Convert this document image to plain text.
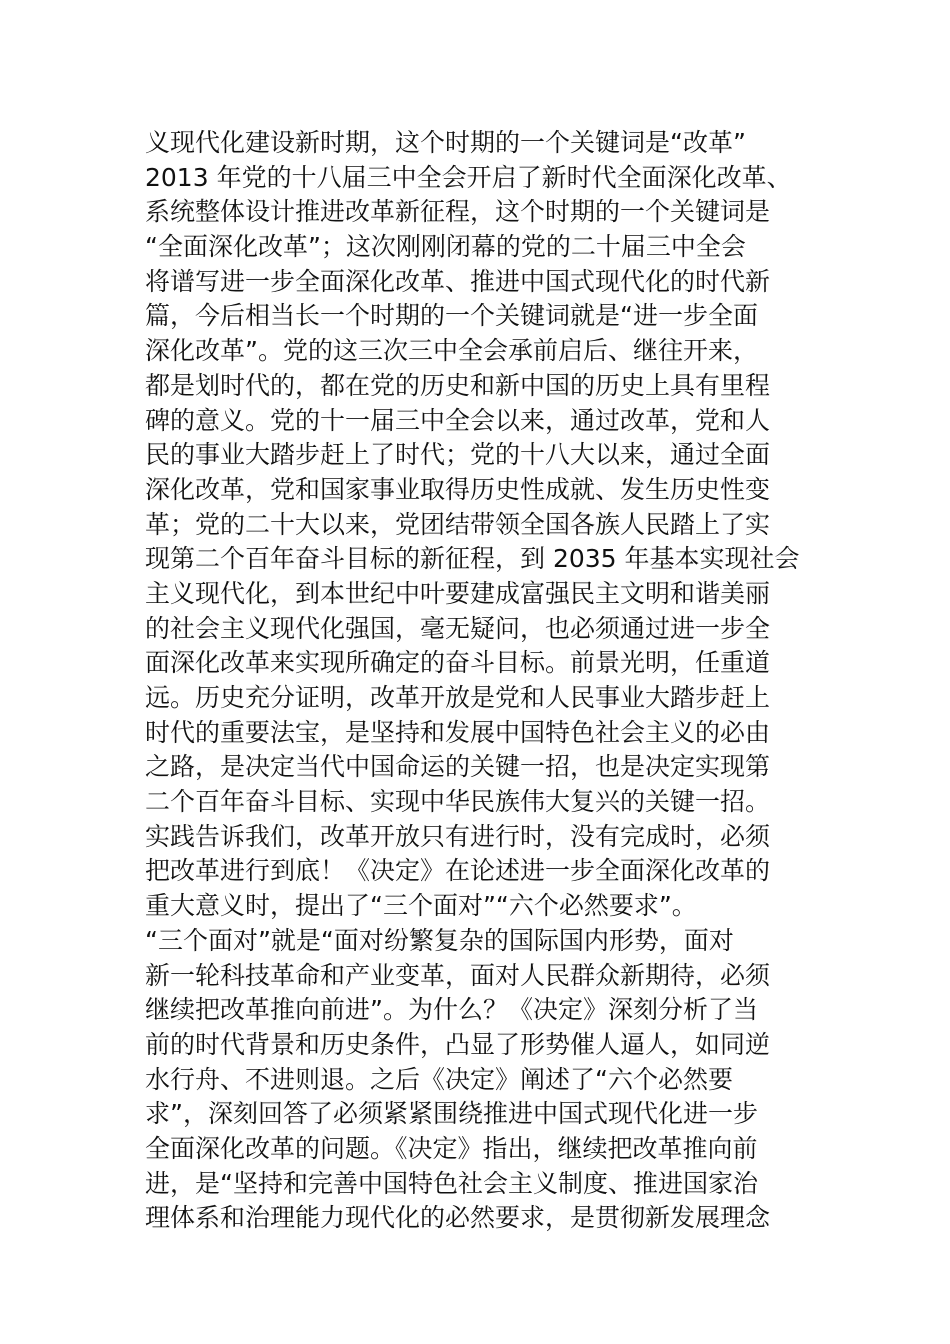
义现代化建设新时期，这个时期的一个关键词是“改革”
2013 年党的十八届三中全会开启了新时代全面深化改革、
系统整体设计推进改革新征程，这个时期的一个关键词是
“全面深化改革”；这次刚刚闭幕的党的二十届三中全会
将谱写进一步全面深化改革、推进中国式现代化的时代新
篇，今后相当长一个时期的一个关键词就是“进一步全面
深化改革”。党的这三次三中全会承前启后、继往开来，
都是划时代的，都在党的历史和新中国的历史上具有里程
碑的意义。党的十一届三中全会以来，通过改革，党和人
民的事业大踏步赶上了时代；党的十八大以来，通过全面
深化改革，党和国家事业取得历史性成就、发生历史性变
革；党的二十大以来，党团结带领全国各族人民踏上了实
现第二个百年奋斗目标的新征程，到 2035 年基本实现社会
主义现代化，到本世纪中叶要建成富强民主文明和谐美丽
的社会主义现代化强国，毫无疑问，也必须通过进一步全
面深化改革来实现所确定的奋斗目标。前景光明，任重道
远。历史充分证明，改革开放是党和人民事业大踏步赶上
时代的重要法宝，是坚持和发展中国特色社会主义的必由
之路，是决定当代中国命运的关键一招，也是决定实现第
二个百年奋斗目标、实现中华民族伟大复兴的关键一招。
实践告诉我们，改革开放只有进行时，没有完成时，必须
把改革进行到底！《决定》在论述进一步全面深化改革的
重大意义时，提出了“三个面对”“六个必然要求”。
“三个面对”就是“面对纷繁复杂的国际国内形势，面对
新一轮科技革命和产业变革，面对人民群众新期待，必须
继续把改革推向前进”。为什么？《决定》深刻分析了当
前的时代背景和历史条件，凸显了形势催人逼人，如同逆
水行舟、不进则退。之后《决定》阐述了“六个必然要
求”，深刻回答了必须紧紧围绕推进中国式现代化进一步
全面深化改革的问题。《决定》指出，继续把改革推向前
进，是“坚持和完善中国特色社会主义制度、推进国家治
理体系和治理能力现代化的必然要求，是贯彻新发展理念
